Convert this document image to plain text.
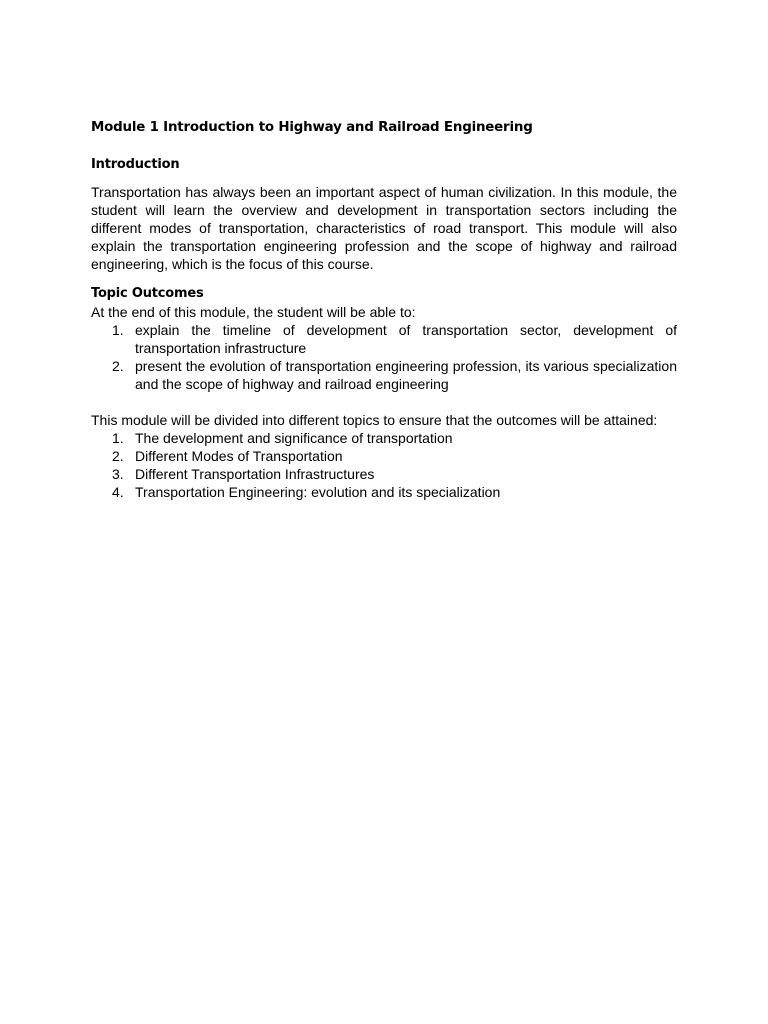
Module 1 Introduction to Highway and Railroad Engineering
Introduction

Transportation has always been an important aspect of human civilization. In this module, the student will learn the overview and development in transportation sectors including the different modes of transportation, characteristics of road transport. This module will also explain the transportation engineering profession and the scope of highway and railroad engineering, which is the focus of this course.

Topic Outcomes

At the end of this module, the student will be able to:

1. explain the timeline of development of transportation sector, development of transportation infrastructure
2. present the evolution of transportation engineering profession, its various specialization and the scope of highway and railroad engineering

This module will be divided into different topics to ensure that the outcomes will be attained:

1. The development and significance of transportation
2. Different Modes of Transportation
3. Different Transportation Infrastructures
4. Transportation Engineering: evolution and its specialization
